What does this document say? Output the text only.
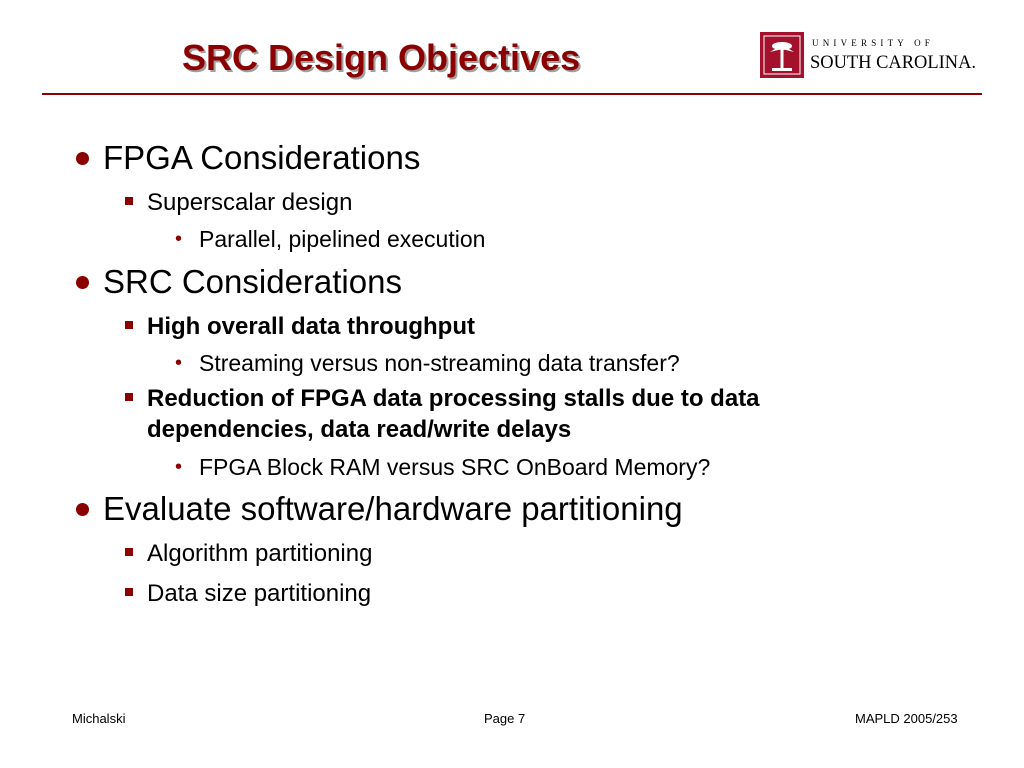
SRC Design Objectives	UNIVERSITY OF
SOUTH CAROLINA.
FPGA Considerations
Superscalar design
• Parallel, pipelined execution
SRC Considerations
High overall data throughput
• Streaming versus non-streaming data transfer?
Reduction of FPGA data processing stalls due to data
dependencies, data read/write delays
• FPGA Block RAM versus SRC OnBoard Memory?
Evaluate software/hardware partitioning
Algorithm partitioning
Data size partitioning
Michalski	Page 7	MAPLD 2005/253
